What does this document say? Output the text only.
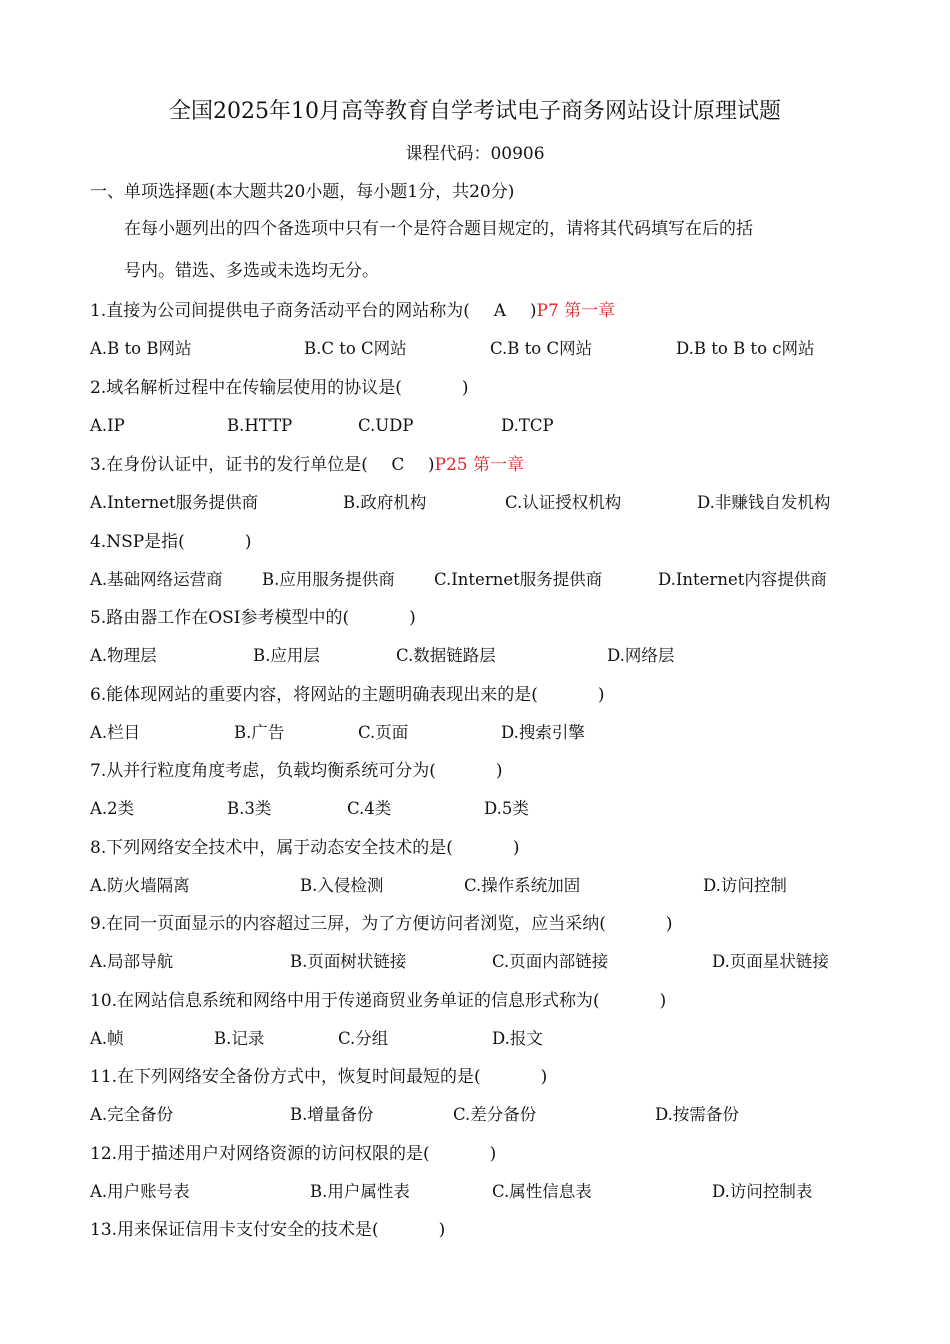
全国2025年10月高等教育自学考试电子商务网站设计原理试题
课程代码：00906
一、单项选择题(本大题共20小题，每小题1分，共20分)
在每小题列出的四个备选项中只有一个是符合题目规定的，请将其代码填写在后的括
号内。错选、多选或未选均无分。
1.直接为公司间提供电子商务活动平台的网站称为( A )P7 第一章
A.B to B网站	B.C to C网站	C.B to C网站	D.B to B to c网站
2.域名解析过程中在传输层使用的协议是(	)
A.IP	B.HTTP	C.UDP	D.TCP
3.在身份认证中，证书的发行单位是( C )P25 第一章
A.Internet服务提供商	B.政府机构	C.认证授权机构	D.非赚钱自发机构
4.NSP是指(	)
A.基础网络运营商 B.应用服务提供商 C.Internet服务提供商	D.Internet内容提供商
5.路由器工作在OSI参考模型中的(	)
A.物理层	B.应用层	C.数据链路层	D.网络层
6.能体现网站的重要内容，将网站的主题明确表现出来的是(	)
A.栏目	B.广告	C.页面	D.搜索引擎
7.从并行粒度角度考虑，负载均衡系统可分为(	)
A.2类	B.3类	C.4类	D.5类
8.下列网络安全技术中，属于动态安全技术的是(	)
A.防火墙隔离	B.入侵检测	C.操作系统加固	D.访问控制
9.在同一页面显示的内容超过三屏，为了方便访问者浏览，应当采纳(	)
A.局部导航	B.页面树状链接	C.页面内部链接	D.页面星状链接
10.在网站信息系统和网络中用于传递商贸业务单证的信息形式称为(	)
A.帧	B.记录	C.分组	D.报文
11.在下列网络安全备份方式中，恢复时间最短的是(	)
A.完全备份	B.增量备份	C.差分备份	D.按需备份
12.用于描述用户对网络资源的访问权限的是(	)
A.用户账号表	B.用户属性表	C.属性信息表	D.访问控制表
13.用来保证信用卡支付安全的技术是(	)
